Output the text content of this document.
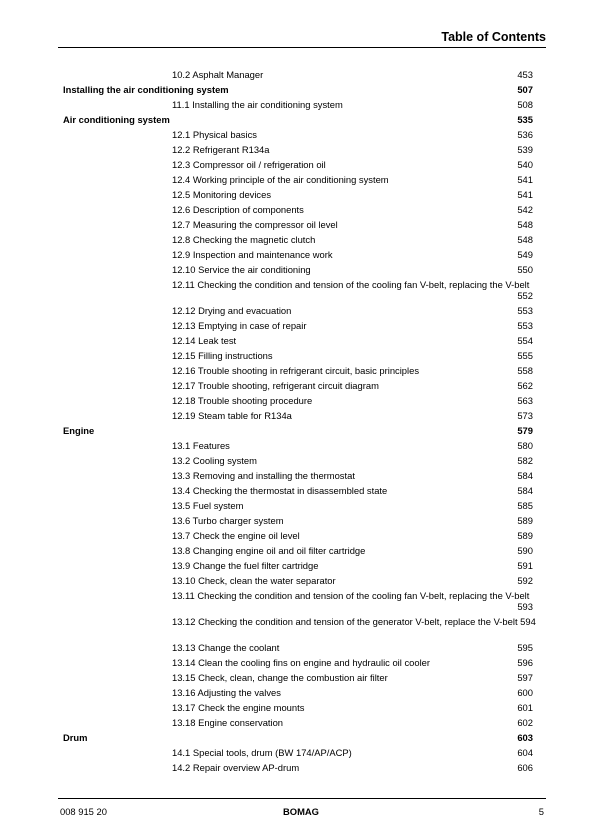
Table of Contents
10.2 Asphalt Manager	453
Installing the air conditioning system	507
11.1 Installing the air conditioning system	508
Air conditioning system	535
12.1 Physical basics	536
12.2 Refrigerant R134a	539
12.3 Compressor oil / refrigeration oil	540
12.4 Working principle of the air conditioning system	541
12.5 Monitoring devices	541
12.6 Description of components	542
12.7 Measuring the compressor oil level	548
12.8 Checking the magnetic clutch	548
12.9 Inspection and maintenance work	549
12.10 Service the air conditioning	550
12.11 Checking the condition and tension of the cooling fan V-belt, replacing the V-belt
552
12.12 Drying and evacuation	553
12.13 Emptying in case of repair	553
12.14 Leak test	554
12.15 Filling instructions	555
12.16 Trouble shooting in refrigerant circuit, basic principles	558
12.17 Trouble shooting, refrigerant circuit diagram	562
12.18 Trouble shooting procedure	563
12.19 Steam table for R134a	573
Engine	579
13.1 Features	580
13.2 Cooling system	582
13.3 Removing and installing the thermostat	584
13.4 Checking the thermostat in disassembled state	584
13.5 Fuel system	585
13.6 Turbo charger system	589
13.7 Check the engine oil level	589
13.8 Changing engine oil and oil filter cartridge	590
13.9 Change the fuel filter cartridge	591
13.10 Check, clean the water separator	592
13.11 Checking the condition and tension of the cooling fan V-belt, replacing the V-belt
593
13.12 Checking the condition and tension of the generator V-belt, replace the V-belt 594
13.13 Change the coolant	595
13.14 Clean the cooling fins on engine and hydraulic oil cooler	596
13.15 Check, clean, change the combustion air filter	597
13.16 Adjusting the valves	600
13.17 Check the engine mounts	601
13.18 Engine conservation	602
Drum	603
14.1 Special tools, drum (BW 174/AP/ACP)	604
14.2 Repair overview AP-drum	606
008 915 20	BOMAG	5
